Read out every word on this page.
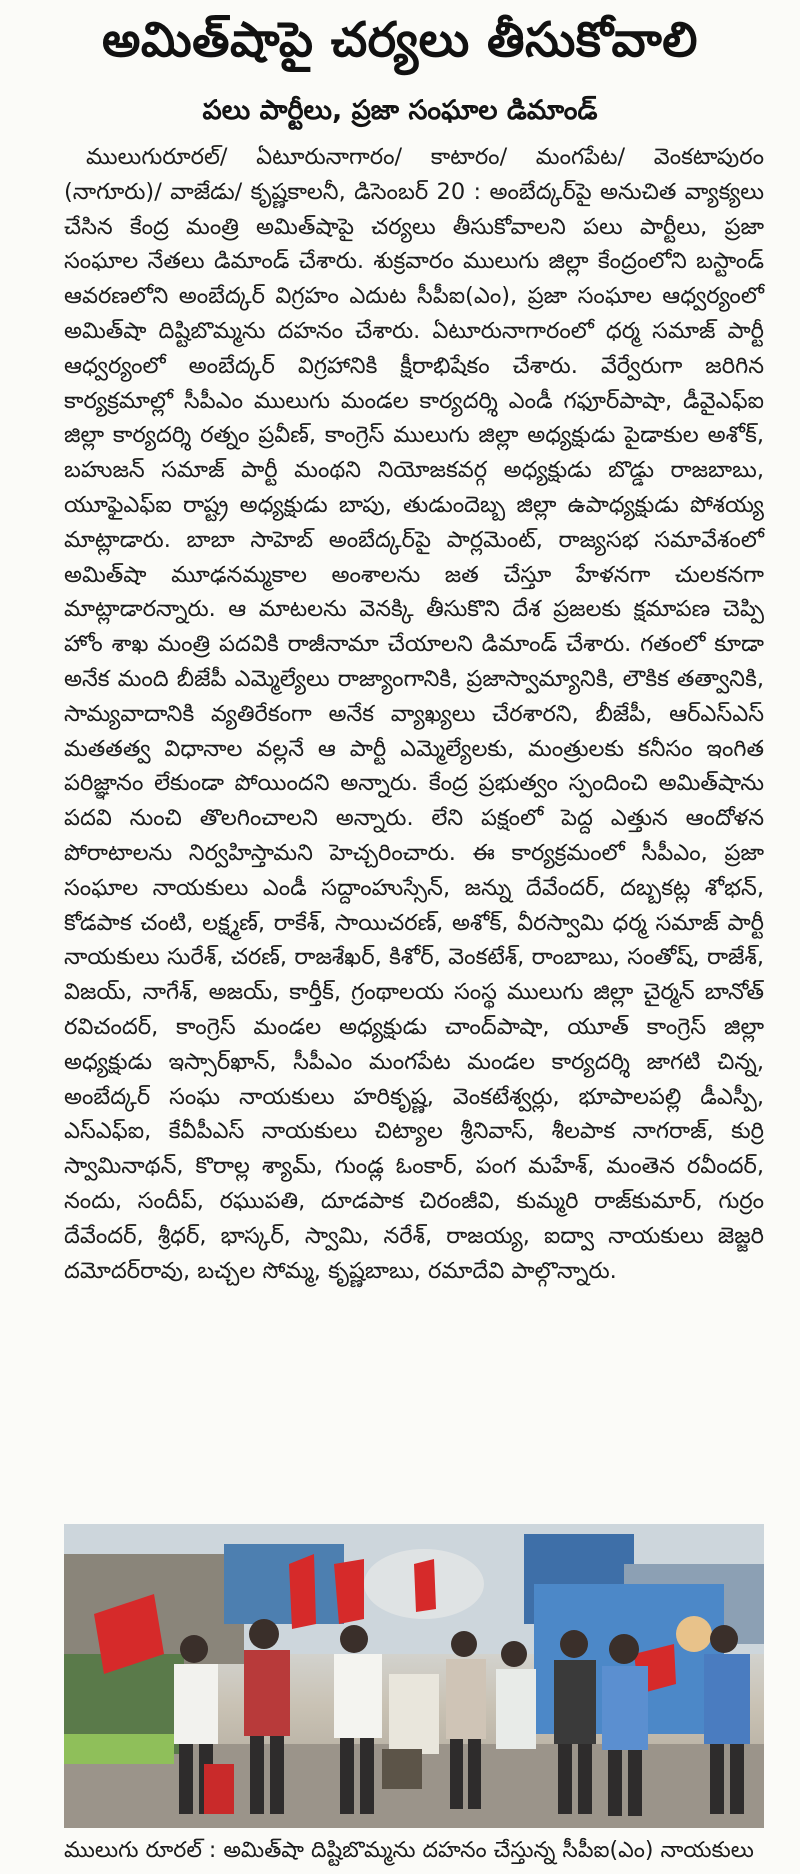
అమిత్‌షాపై చర్యలు తీసుకోవాలి
పలు పార్టీలు, ప్రజా సంఘాల డిమాండ్

ములుగురూరల్/ ఏటూరునాగారం/ కాటారం/ మంగపేట/ వెంకటాపురం (నాగూరు)/ వాజేడు/ కృష్ణకాలనీ, డిసెంబర్ 20 : అంబేద్కర్‌పై అనుచిత వ్యాక్యలు చేసిన కేంద్ర మంత్రి అమిత్‌షాపై చర్యలు తీసుకోవాలని పలు పార్టీలు, ప్రజా సంఘాల నేతలు డిమాండ్ చేశారు. శుక్రవారం ములుగు జిల్లా కేంద్రంలోని బస్టాండ్ ఆవరణలోని అంబేద్కర్ విగ్రహం ఎదుట సీపీఐ(ఎం), ప్రజా సంఘాల ఆధ్వర్యంలో అమిత్‌షా దిష్టిబొమ్మను దహనం చేశారు. ఏటూరునాగారంలో ధర్మ సమాజ్ పార్టీ ఆధ్వర్యంలో అంబేద్కర్ విగ్రహానికి క్షీరాభిషేకం చేశారు. వేర్వేరుగా జరిగిన కార్యక్రమాల్లో సీపీఎం ములుగు మండల కార్యదర్శి ఎండీ గఫూర్‌పాషా, డీవైఎఫ్ఐ జిల్లా కార్యదర్శి రత్నం ప్రవీణ్, కాంగ్రెస్ ములుగు జిల్లా అధ్యక్షుడు పైడాకుల అశోక్, బహుజన్ సమాజ్ పార్టీ మంథని నియోజకవర్గ అధ్యక్షుడు బొడ్డు రాజబాబు, యూఫైఎఫ్ఐ రాష్ట్ర అధ్యక్షుడు బాపు, తుడుందెబ్బ జిల్లా ఉపాధ్యక్షుడు పోశయ్య మాట్లాడారు. బాబా సాహెబ్ అంబేద్కర్‌పై పార్లమెంట్, రాజ్యసభ సమావేశంలో అమిత్‌షా మూఢనమ్మకాల అంశాలను జత చేస్తూ హేళనగా చులకనగా మాట్లాడారన్నారు. ఆ మాటలను వెనక్కి తీసుకొని దేశ ప్రజలకు క్షమాపణ చెప్పి హోం శాఖ మంత్రి పదవికి రాజీనామా చేయాలని డిమాండ్ చేశారు. గతంలో కూడా అనేక మంది బీజేపీ ఎమ్మెల్యేలు రాజ్యాంగానికి, ప్రజాస్వామ్యానికి, లౌకిక తత్వానికి, సామ్యవాదానికి వ్యతిరేకంగా అనేక వ్యాఖ్యలు చేరశారని, బీజేపీ, ఆర్ఎస్ఎస్ మతతత్వ విధానాల వల్లనే ఆ పార్టీ ఎమ్మెల్యేలకు, మంత్రులకు కనీసం ఇంగిత పరిజ్ఞానం లేకుండా పోయిందని అన్నారు. కేంద్ర ప్రభుత్వం స్పందించి అమిత్‌షాను పదవి నుంచి తొలగించాలని అన్నారు. లేని పక్షంలో పెద్ద ఎత్తున ఆందోళన పోరాటాలను నిర్వహిస్తామని హెచ్చరించారు. ఈ కార్యక్రమంలో సీపీఎం, ప్రజా సంఘాల నాయకులు ఎండీ సద్దాంహుస్సేన్, జన్ను దేవేందర్, దబ్బకట్ల శోభన్, కోడపాక చంటి, లక్ష్మణ్, రాకేశ్, సాయిచరణ్, అశోక్, వీరస్వామి ధర్మ సమాజ్ పార్టీ నాయకులు సురేశ్, చరణ్, రాజశేఖర్, కిశోర్, వెంకటేశ్, రాంబాబు, సంతోష్, రాజేశ్, విజయ్, నాగేశ్, అజయ్, కార్తీక్, గ్రంథాలయ సంస్థ ములుగు జిల్లా చైర్మన్ బానోత్ రవిచందర్, కాంగ్రెస్ మండల అధ్యక్షుడు చాంద్‌పాషా, యూత్ కాంగ్రెస్ జిల్లా అధ్యక్షుడు ఇస్సార్‌ఖాన్, సీపీఎం మంగపేట మండల కార్యదర్శి జాగటి చిన్న, అంబేద్కర్ సంఘ నాయకులు హరికృష్ణ, వెంకటేశ్వర్లు, భూపాలపల్లి డీఎస్పీ, ఎస్ఎఫ్ఐ, కేవీపీఎస్ నాయకులు చిట్యాల శ్రీనివాస్, శీలపాక నాగరాజ్, కుర్రి స్వామినాథన్, కొరాల్ల శ్యామ్, గుండ్ల ఓంకార్, పంగ మహేశ్, మంతెన రవీందర్, నందు, సందీప్, రఘుపతి, దూడపాక చిరంజీవి, కుమ్మరి రాజ్‌కుమార్, గుర్రం దేవేందర్, శ్రీధర్, భాస్కర్, స్వామి, నరేశ్, రాజయ్య, ఐద్వా నాయకులు జెజ్జరి దమోదర్‌రావు, బచ్చల సోమ్మ, కృష్ణబాబు, రమాదేవి పాల్గొన్నారు.

ములుగు రూరల్ : అమిత్‌షా దిష్టిబొమ్మను దహనం చేస్తున్న సీపీఐ(ఎం) నాయకులు
